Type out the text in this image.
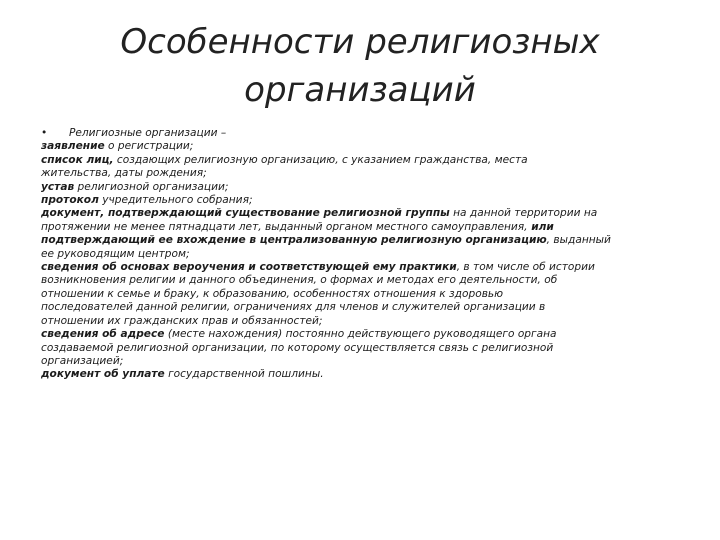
Особенности религиозных
организаций
• Религиозные организации –
заявление о регистрации;
список лиц, создающих религиозную организацию, с указанием гражданства, места
жительства, даты рождения;
устав религиозной организации;
протокол учредительного собрания;
документ, подтверждающий существование религиозной группы на данной территории на
протяжении не менее пятнадцати лет, выданный органом местного самоуправления, или
подтверждающий ее вхождение в централизованную религиозную организацию, выданный
ее руководящим центром;
сведения об основах вероучения и соответствующей ему практики, в том числе об истории
возникновения религии и данного объединения, о формах и методах его деятельности, об
отношении к семье и браку, к образованию, особенностях отношения к здоровью
последователей данной религии, ограничениях для членов и служителей организации в
отношении их гражданских прав и обязанностей;
сведения об адресе (месте нахождения) постоянно действующего руководящего органа
создаваемой религиозной организации, по которому осуществляется связь с религиозной
организацией;
документ об уплате государственной пошлины.
